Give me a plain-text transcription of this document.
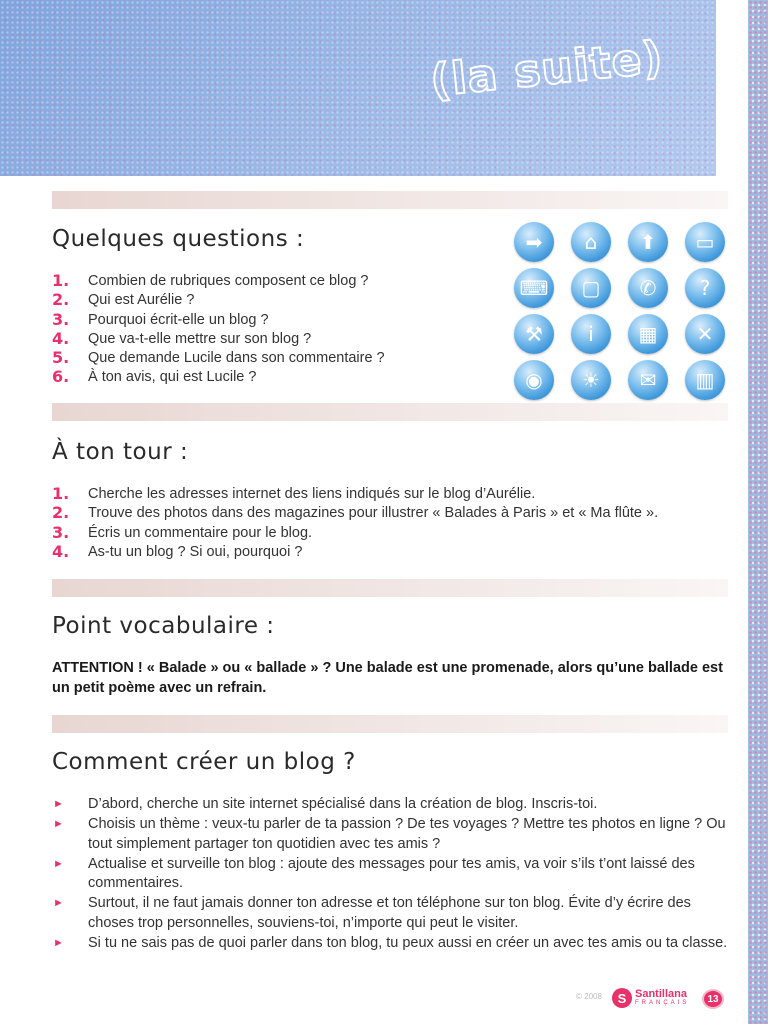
(la suite)
Quelques questions :
1.	Combien de rubriques composent ce blog ?
2.	Qui est Aurélie ?
3.	Pourquoi écrit-elle un blog ?
4.	Que va-t-elle mettre sur son blog ?
5.	Que demande Lucile dans son commentaire ?
6.	À ton avis, qui est Lucile ?
➡	⌂	⬆	▭
⌨	▢	✆	?
⚒	i	▦	✕
◉	☀	✉	▥
À ton tour :
1.	Cherche les adresses internet des liens indiqués sur le blog d’Aurélie.
2.	Trouve des photos dans des magazines pour illustrer « Balades à Paris » et « Ma flûte ».
3.	Écris un commentaire pour le blog.
4.	As-tu un blog ? Si oui, pourquoi ?
Point vocabulaire :

ATTENTION ! « Balade » ou « ballade » ? Une balade est une promenade, alors qu’une ballade est un petit poème avec un refrain.

Comment créer un blog ?
► D’abord, cherche un site internet spécialisé dans la création de blog. Inscris-toi.
► Choisis un thème : veux-tu parler de ta passion ? De tes voyages ? Mettre tes photos en ligne ? Ou tout simplement partager ton quotidien avec tes amis ?
► Actualise et surveille ton blog : ajoute des messages pour tes amis, va voir s’ils t’ont laissé des commentaires.
► Surtout, il ne faut jamais donner ton adresse et ton téléphone sur ton blog. Évite d’y écrire des choses trop personnelles, souviens-toi, n’importe qui peut le visiter.
► Si tu ne sais pas de quoi parler dans ton blog, tu peux aussi en créer un avec tes amis ou ta classe.
© 2008	S Santillana
FRANÇAIS	13
